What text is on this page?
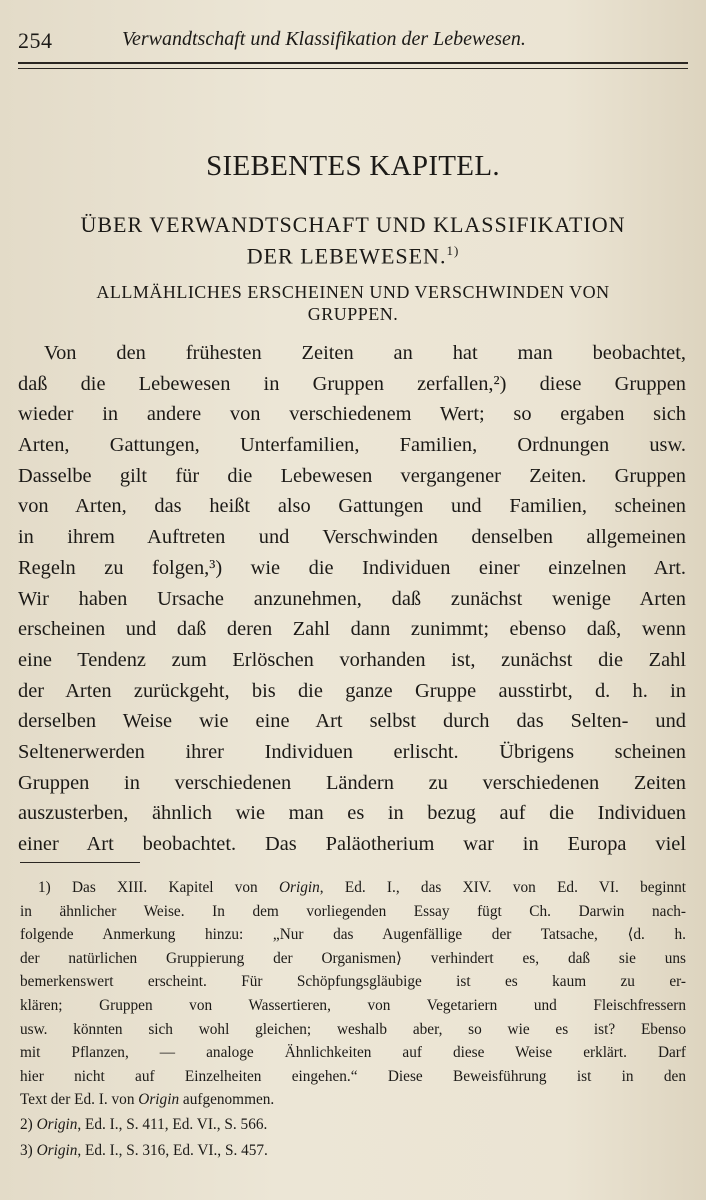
254	Verwandtschaft und Klassifikation der Lebewesen.
SIEBENTES KAPITEL.
ÜBER VERWANDTSCHAFT UND KLASSIFIKATION
DER LEBEWESEN.$^{1)}$
ALLMÄHLICHES ERSCHEINEN UND VERSCHWINDEN VON
GRUPPEN.
Von den frühesten Zeiten an hat man beobachtet,
daß die Lebewesen in Gruppen zerfallen,²) diese Gruppen
wieder in andere von verschiedenem Wert; so ergaben sich
Arten, Gattungen, Unterfamilien, Familien, Ordnungen usw.
Dasselbe gilt für die Lebewesen vergangener Zeiten. Gruppen
von Arten, das heißt also Gattungen und Familien, scheinen
in ihrem Auftreten und Verschwinden denselben allgemeinen
Regeln zu folgen,³) wie die Individuen einer einzelnen Art.
Wir haben Ursache anzunehmen, daß zunächst wenige Arten
erscheinen und daß deren Zahl dann zunimmt; ebenso daß, wenn
eine Tendenz zum Erlöschen vorhanden ist, zunächst die Zahl
der Arten zurückgeht, bis die ganze Gruppe ausstirbt, d. h. in
derselben Weise wie eine Art selbst durch das Selten- und
Seltenerwerden ihrer Individuen erlischt. Übrigens scheinen
Gruppen in verschiedenen Ländern zu verschiedenen Zeiten
auszusterben, ähnlich wie man es in bezug auf die Individuen
einer Art beobachtet. Das Paläotherium war in Europa viel
1) Das XIII. Kapitel von Origin, Ed. I., das XIV. von Ed. VI. beginnt
in ähnlicher Weise. In dem vorliegenden Essay fügt Ch. Darwin nach-
folgende Anmerkung hinzu: „Nur das Augenfällige der Tatsache, ⟨d. h.
der natürlichen Gruppierung der Organismen⟩ verhindert es, daß sie uns
bemerkenswert erscheint. Für Schöpfungsgläubige ist es kaum zu er-
klären; Gruppen von Wassertieren, von Vegetariern und Fleischfressern
usw. könnten sich wohl gleichen; weshalb aber, so wie es ist? Ebenso
mit Pflanzen, — analoge Ähnlichkeiten auf diese Weise erklärt. Darf
hier nicht auf Einzelheiten eingehen.“ Diese Beweisführung ist in den
Text der Ed. I. von Origin aufgenommen.
2) Origin, Ed. I., S. 411, Ed. VI., S. 566.
3) Origin, Ed. I., S. 316, Ed. VI., S. 457.
